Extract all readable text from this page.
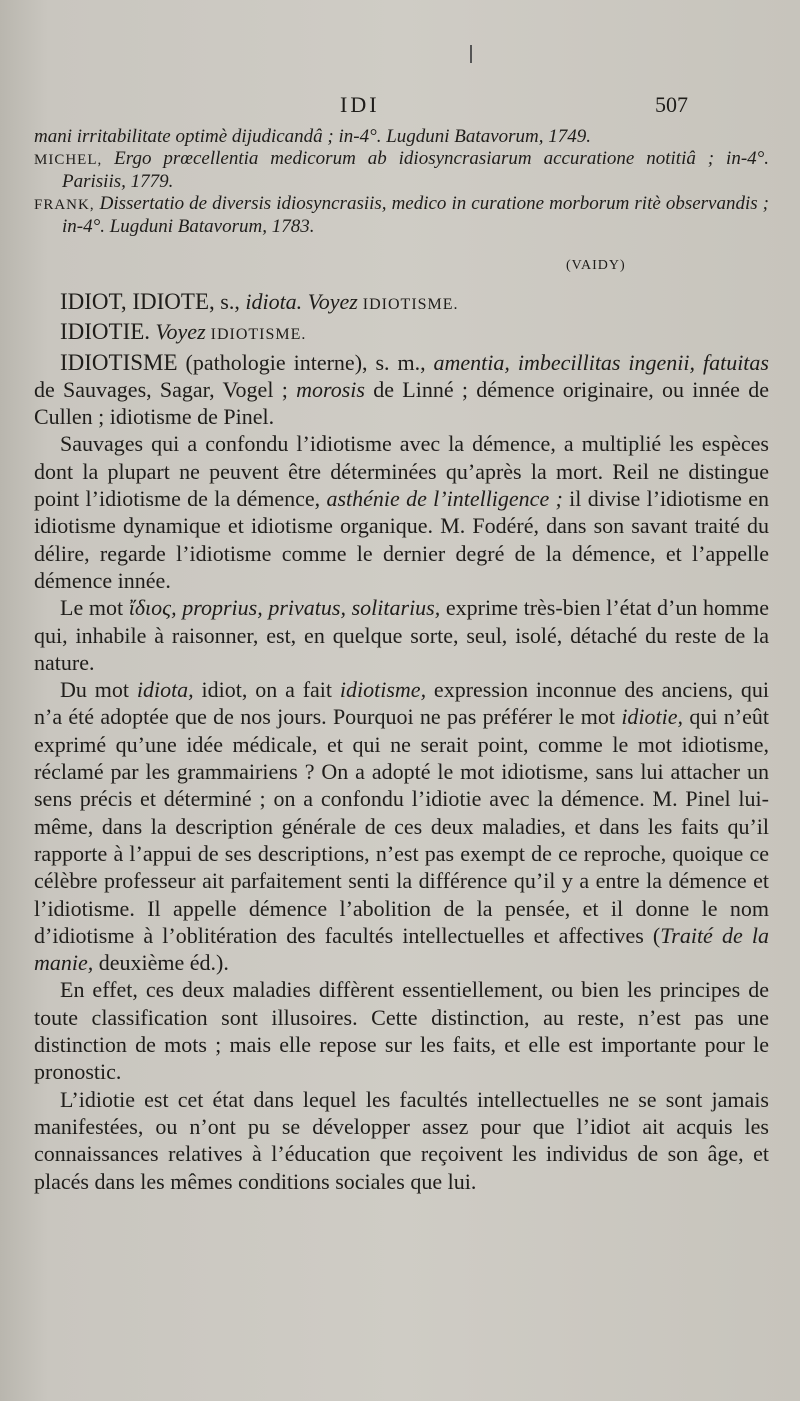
IDI	507

mani irritabilitate optimè dijudicandâ ; in-4°. Lugduni Batavorum, 1749.

MICHEL, Ergo prœcellentia medicorum ab idiosyncrasiarum accuratione notitiâ ; in-4°. Parisiis, 1779.

FRANK, Dissertatio de diversis idiosyncrasiis, medico in curatione morborum ritè observandis ; in-4°. Lugduni Batavorum, 1783.

(VAIDY)

IDIOT, IDIOTE, s., idiota. Voyez IDIOTISME.

IDIOTIE. Voyez IDIOTISME.

IDIOTISME (pathologie interne), s. m., amentia, imbecillitas ingenii, fatuitas de Sauvages, Sagar, Vogel ; morosis de Linné ; démence originaire, ou innée de Cullen ; idiotisme de Pinel.

Sauvages qui a confondu l’idiotisme avec la démence, a multiplié les espèces dont la plupart ne peuvent être déterminées qu’après la mort. Reil ne distingue point l’idiotisme de la démence, asthénie de l’intelligence ; il divise l’idiotisme en idiotisme dynamique et idiotisme organique. M. Fodéré, dans son savant traité du délire, regarde l’idiotisme comme le dernier degré de la démence, et l’appelle démence innée.

Le mot ἴδιος, proprius, privatus, solitarius, exprime très-bien l’état d’un homme qui, inhabile à raisonner, est, en quelque sorte, seul, isolé, détaché du reste de la nature.

Du mot idiota, idiot, on a fait idiotisme, expression inconnue des anciens, qui n’a été adoptée que de nos jours. Pourquoi ne pas préférer le mot idiotie, qui n’eût exprimé qu’une idée médicale, et qui ne serait point, comme le mot idiotisme, réclamé par les grammairiens ? On a adopté le mot idiotisme, sans lui attacher un sens précis et déterminé ; on a confondu l’idiotie avec la démence. M. Pinel lui-même, dans la description générale de ces deux maladies, et dans les faits qu’il rapporte à l’appui de ses descriptions, n’est pas exempt de ce reproche, quoique ce célèbre professeur ait parfaitement senti la différence qu’il y a entre la démence et l’idiotisme. Il appelle démence l’abolition de la pensée, et il donne le nom d’idiotisme à l’oblitération des facultés intellectuelles et affectives (Traité de la manie, deuxième éd.).

En effet, ces deux maladies diffèrent essentiellement, ou bien les principes de toute classification sont illusoires. Cette distinction, au reste, n’est pas une distinction de mots ; mais elle repose sur les faits, et elle est importante pour le pronostic.

L’idiotie est cet état dans lequel les facultés intellectuelles ne se sont jamais manifestées, ou n’ont pu se développer assez pour que l’idiot ait acquis les connaissances relatives à l’éducation que reçoivent les individus de son âge, et placés dans les mêmes conditions sociales que lui.
